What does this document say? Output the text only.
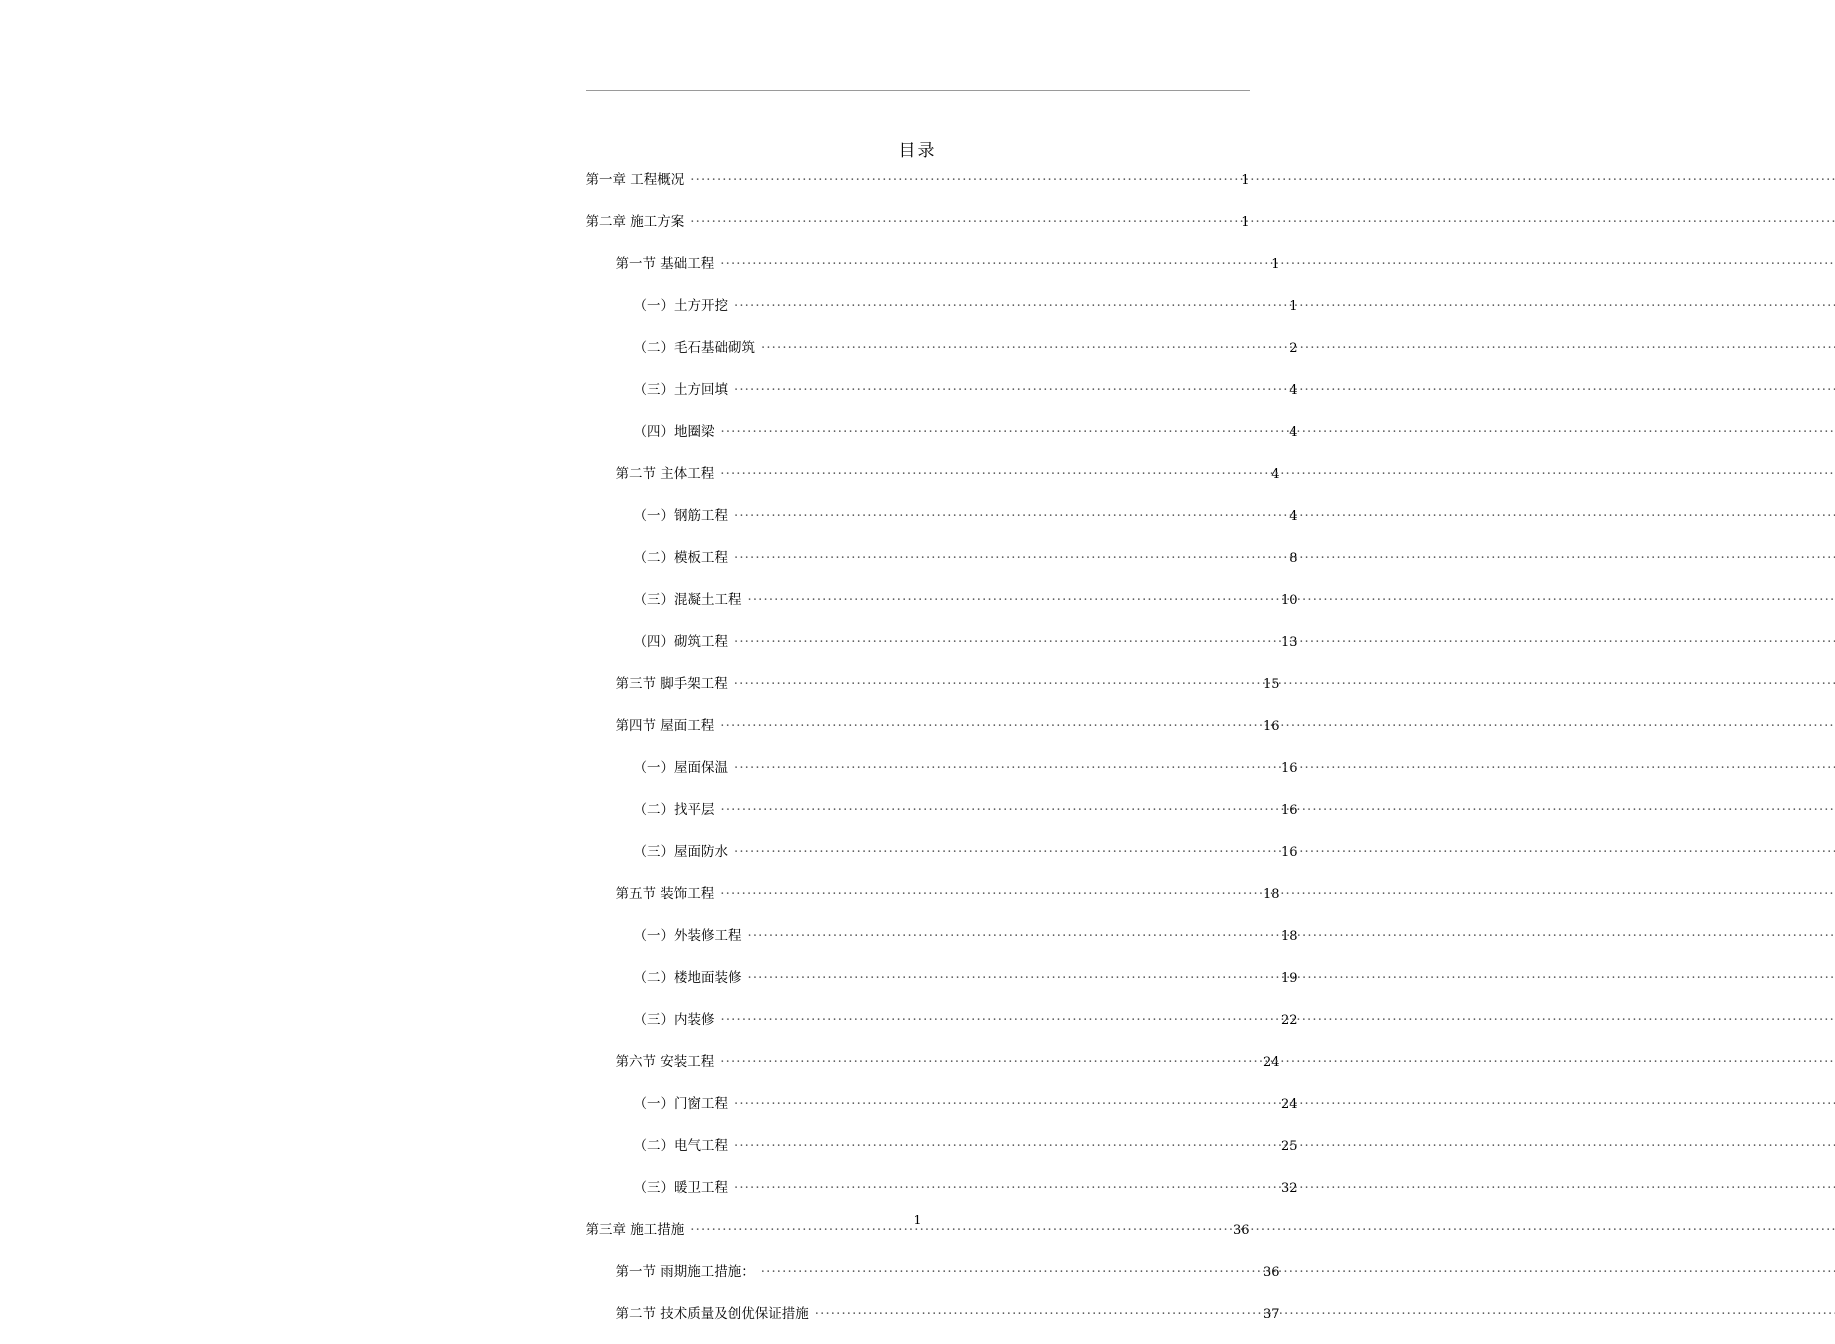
目录
第一章 工程概况 .....	1
第二章 施工方案 .....	1
第一节 基础工程 .....	1
（一）土方开挖 .....	1
（二）毛石基础砌筑 .....	2
（三）土方回填 .....	4
（四）地圈梁 .....	4
第二节 主体工程 .....	4
（一）钢筋工程 .....	4
（二）模板工程 .....	8
（三）混凝土工程 .....	10
（四）砌筑工程 .....	13
第三节 脚手架工程 .....	15
第四节 屋面工程 .....	16
（一）屋面保温 .....	16
（二）找平层 .....	16
（三）屋面防水 .....	16
第五节 装饰工程 .....	18
（一）外装修工程 .....	18
（二）楼地面装修 .....	19
（三）内装修 .....	22
第六节 安装工程 .....	24
（一）门窗工程 .....	24
（二）电气工程 .....	25
（三）暖卫工程 .....	32
第三章 施工措施 .....	36
第一节 雨期施工措施： .....	36
第二节 技术质量及创优保证措施 .....	37
1
